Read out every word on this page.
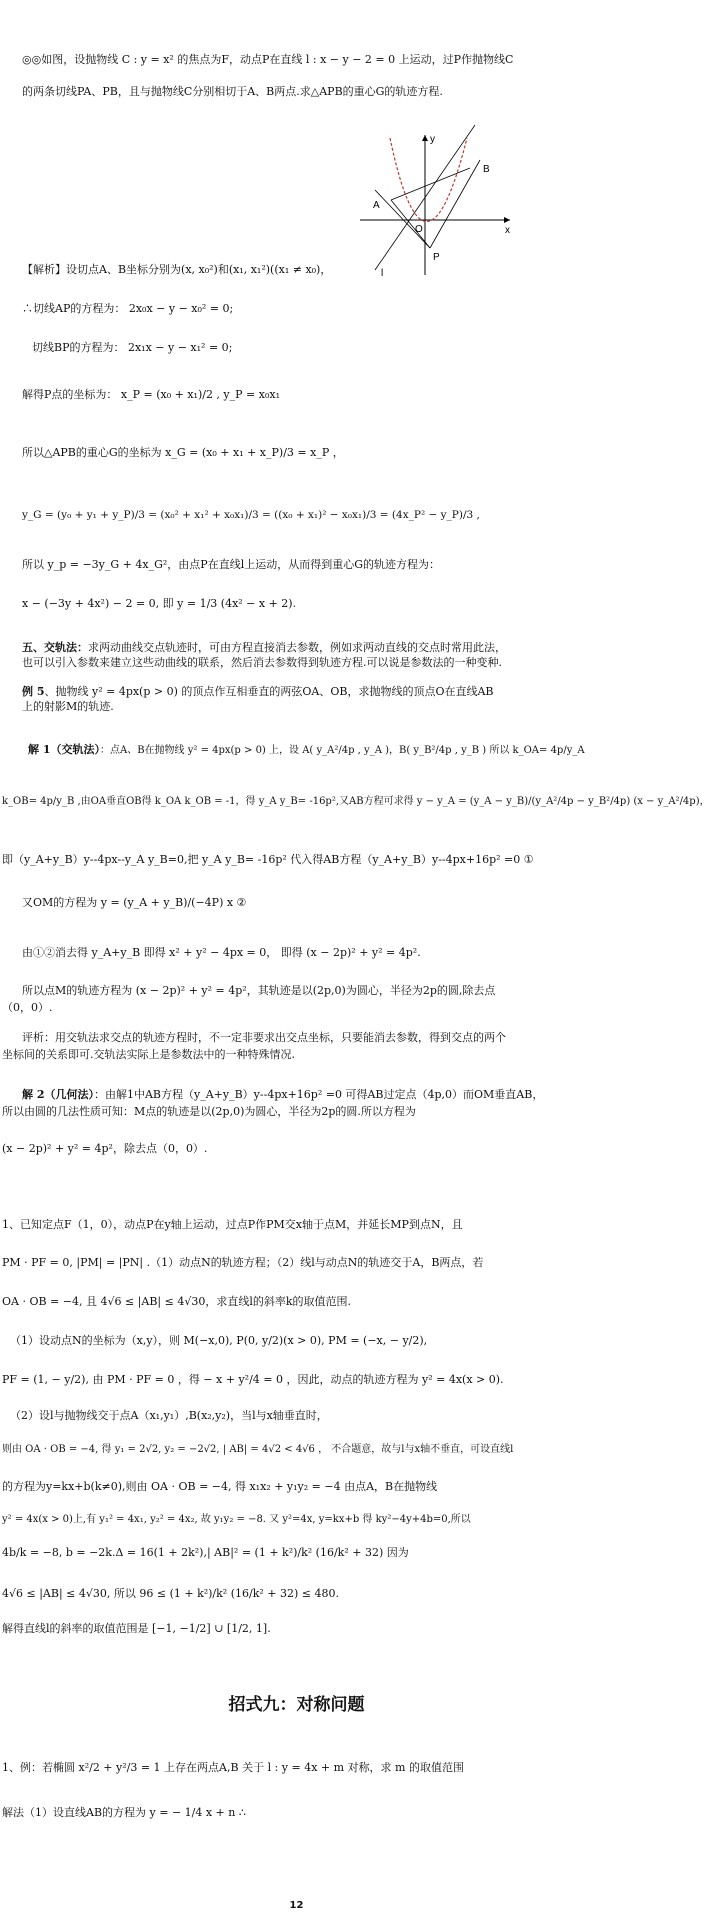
◎◎如图，设抛物线 C : y = x² 的焦点为F，动点P在直线 l : x − y − 2 = 0 上运动，过P作抛物线C
的两条切线PA、PB，且与抛物线C分别相切于A、B两点.求△APB的重心G的轨迹方程.
y
x
B
A
O
P
l
【解析】设切点A、B坐标分别为(x, x₀²)和(x₁, x₁²)((x₁ ≠ x₀)，
∴切线AP的方程为： 2x₀x − y − x₀² = 0;
切线BP的方程为： 2x₁x − y − x₁² = 0;
解得P点的坐标为： x_P = (x₀ + x₁)/2 , y_P = x₀x₁
所以△APB的重心G的坐标为 x_G = (x₀ + x₁ + x_P)/3 = x_P ，
y_G = (y₀ + y₁ + y_P)/3 = (x₀² + x₁² + x₀x₁)/3 = ((x₀ + x₁)² − x₀x₁)/3 = (4x_P² − y_P)/3 ,
所以 y_p = −3y_G + 4x_G²，由点P在直线l上运动，从而得到重心G的轨迹方程为：
x − (−3y + 4x²) − 2 = 0, 即 y = 1/3 (4x² − x + 2).
五、交轨法：求两动曲线交点轨迹时，可由方程直接消去参数，例如求两动直线的交点时常用此法，
也可以引入参数来建立这些动曲线的联系，然后消去参数得到轨迹方程.可以说是参数法的一种变种.
例 5、抛物线 y² = 4px(p > 0) 的顶点作互相垂直的两弦OA、OB，求抛物线的顶点O在直线AB
上的射影M的轨迹.
解 1（交轨法）：点A、B在抛物线 y² = 4px(p > 0) 上，设 A( y_A²/4p , y_A )，B( y_B²/4p , y_B ) 所以 k_OA= 4p/y_A
k_OB= 4p/y_B ,由OA垂直OB得 k_OA k_OB = -1，得 y_A y_B= -16p²,又AB方程可求得 y − y_A = (y_A − y_B)/(y_A²/4p − y_B²/4p) (x − y_A²/4p)，
即（y_A+y_B）y--4px--y_A y_B=0,把 y_A y_B= -16p² 代入得AB方程（y_A+y_B）y--4px+16p² =0 ①
又OM的方程为 y = (y_A + y_B)/(−4P) x ②
由①②消去得 y_A+y_B 即得 x² + y² − 4px = 0， 即得 (x − 2p)² + y² = 4p².
所以点M的轨迹方程为 (x − 2p)² + y² = 4p²，其轨迹是以(2p,0)为圆心，半径为2p的圆,除去点
（0，0）.
评析：用交轨法求交点的轨迹方程时，不一定非要求出交点坐标，只要能消去参数，得到交点的两个
坐标间的关系即可.交轨法实际上是参数法中的一种特殊情况.
解 2（几何法）：由解1中AB方程（y_A+y_B）y--4px+16p² =0 可得AB过定点（4p,0）而OM垂直AB，
所以由圆的几法性质可知：M点的轨迹是以(2p,0)为圆心，半径为2p的圆.所以方程为
(x − 2p)² + y² = 4p²，除去点（0，0）.
1、已知定点F（1，0），动点P在y轴上运动，过点P作PM交x轴于点M，并延长MP到点N，且
PM · PF = 0, |PM| = |PN| .（1）动点N的轨迹方程；（2）线l与动点N的轨迹交于A，B两点，若
OA · OB = −4, 且 4√6 ≤ |AB| ≤ 4√30，求直线l的斜率k的取值范围.
（1）设动点N的坐标为（x,y），则 M(−x,0), P(0, y/2)(x > 0), PM = (−x, − y/2),
PF = (1, − y/2), 由 PM · PF = 0 ，得 − x + y²/4 = 0 ，因此，动点的轨迹方程为 y² = 4x(x > 0).
（2）设l与抛物线交于点A（x₁,y₁）,B(x₂,y₂)，当l与x轴垂直时，
则由 OA · OB = −4, 得 y₁ = 2√2, y₂ = −2√2, | AB| = 4√2 < 4√6 ， 不合题意，故与l与x轴不垂直，可设直线l
的方程为y=kx+b(k≠0),则由 OA · OB = −4, 得 x₁x₂ + y₁y₂ = −4 由点A，B在抛物线
y² = 4x(x > 0)上,有 y₁² = 4x₁, y₂² = 4x₂, 故 y₁y₂ = −8. 又 y²=4x, y=kx+b 得 ky²−4y+4b=0,所以
4b/k = −8, b = −2k.Δ = 16(1 + 2k²),| AB|² = (1 + k²)/k² (16/k² + 32) 因为
4√6 ≤ |AB| ≤ 4√30, 所以 96 ≤ (1 + k²)/k² (16/k² + 32) ≤ 480.
解得直线l的斜率的取值范围是 [−1, −1/2] ∪ [1/2, 1].
招式九：对称问题
1、例：若椭圆 x²/2 + y²/3 = 1 上存在两点A,B 关于 l : y = 4x + m 对称，求 m 的取值范围
解法（1）设直线AB的方程为 y = − 1/4 x + n ∴
12
